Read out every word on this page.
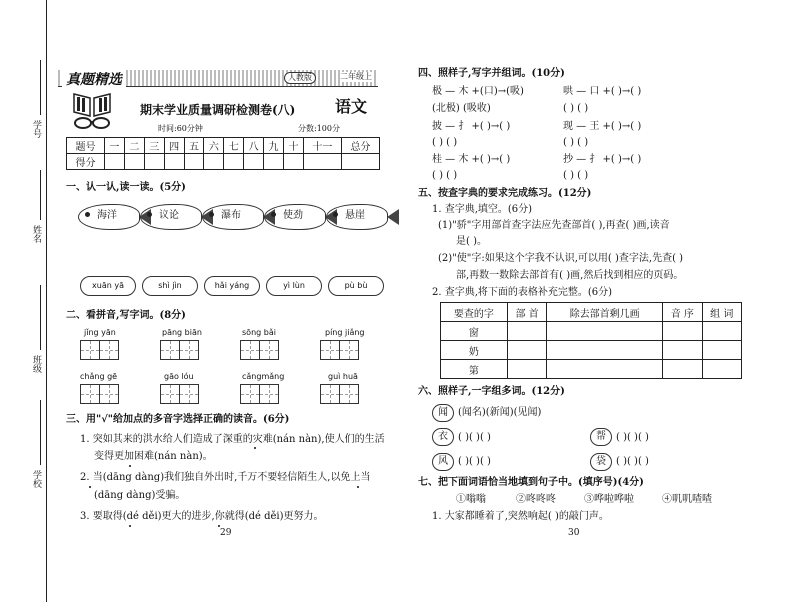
学号
姓名
班级
学校
真题精选	人教版	二年级上
期末学业质量调研检测卷(八) 语文
时间:60分钟	分数:100分
题号	一	二	三	四	五	六	七	八	九	十	十一	总分
得分												
一、认一认,读一读。(5分)
海洋	议论	瀑布	使劲	悬崖
xuān yā	shì jìn	hǎi yáng	yì lùn	pù bù
二、看拼音,写字词。(8分)
jǐng yān	pāng biān	sōng bǎi	píng jiǎng
chǎng gē	gāo lóu	cǎngmǎng	guì huā
三、用"√"给加点的多音字选择正确的读音。(6分)
1. 突如其来的洪水给人们造成了深重的灾难(nán nàn),使人们的生活
变得更加困难(nán nàn)。
2. 当(dāng dàng)我们独自外出时,千万不要轻信陌生人,以免上当
(dāng dàng)受骗。
3. 要取得(dé děi)更大的进步,你就得(dé děi)更努力。
29
四、照样子,写字并组词。(10分)
极 — 木 +(口)→(吸)	哄 — 口 +( )→( )
(北极) (吸收)	( ) ( )
披 — 扌 +( )→( )	现 — 王 +( )→( )
( ) ( )	( ) ( )
桂 — 木 +( )→( )	抄 — 扌 +( )→( )
( ) ( )	( ) ( )
五、按查字典的要求完成练习。(12分)
1. 查字典,填空。(6分)
(1)"骄"字用部首查字法应先查部首( ),再查( )画,读音
是( )。
(2)"使"字:如果这个字我不认识,可以用( )查字法,先查( )
部,再数一数除去部首有( )画,然后找到相应的页码。
2. 查字典,将下面的表格补充完整。(6分)
要查的字	部 首	除去部首剩几画	音 序	组 词
窗				
奶				
第				
六、照样子,一字组多词。(12分)
闻	(闻名)(新闻)(见闻)
衣	( )( )( )	帮	( )( )( )
风	( )( )( )	袋	( )( )( )
七、把下面词语恰当地填到句子中。(填序号)(4分)
①嗡嗡	②咚咚咚	③哗啦哗啦	④叽叽喳喳
1. 大家都睡着了,突然响起( )的敲门声。
30
